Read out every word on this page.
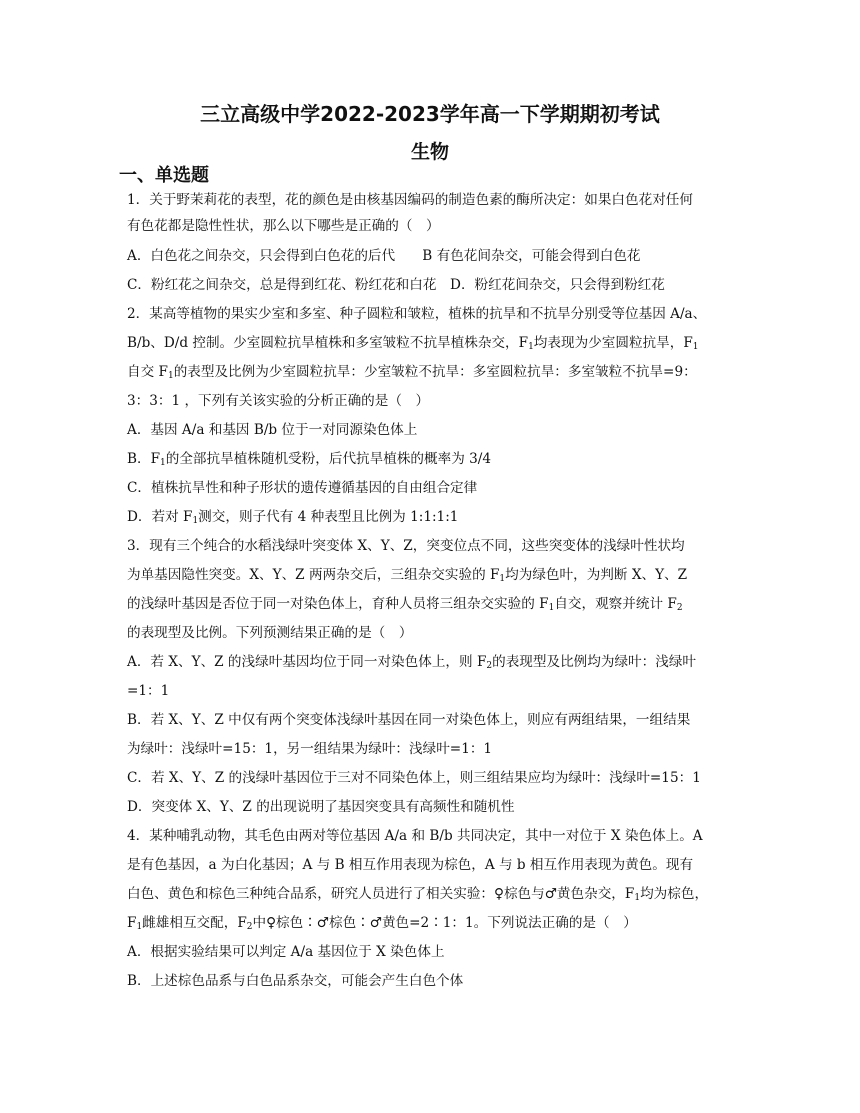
三立高级中学2022-2023学年高一下学期期初考试
生物
一、单选题
1．关于野茉莉花的表型，花的颜色是由核基因编码的制造色素的酶所决定：如果白色花对任何
有色花都是隐性性状，那么以下哪些是正确的（　）
A．白色花之间杂交，只会得到白色花的后代　　B 有色花间杂交，可能会得到白色花
C．粉红花之间杂交，总是得到红花、粉红花和白花　D．粉红花间杂交，只会得到粉红花
2．某高等植物的果实少室和多室、种子圆粒和皱粒，植株的抗旱和不抗旱分别受等位基因 A/a、
B/b、D/d 控制。少室圆粒抗旱植株和多室皱粒不抗旱植株杂交，$F_1$均表现为少室圆粒抗旱，$F_1$
自交 $F_1$的表型及比例为少室圆粒抗旱：少室皱粒不抗旱：多室圆粒抗旱：多室皱粒不抗旱=9：
3：3：1 ，下列有关该实验的分析正确的是（　）
A．基因 A/a 和基因 B/b 位于一对同源染色体上
B．$F_1$的全部抗旱植株随机受粉，后代抗旱植株的概率为 3/4
C．植株抗旱性和种子形状的遗传遵循基因的自由组合定律
D．若对 $F_1$测交，则子代有 4 种表型且比例为 1:1:1:1
3．现有三个纯合的水稻浅绿叶突变体 X、Y、Z，突变位点不同，这些突变体的浅绿叶性状均
为单基因隐性突变。X、Y、Z 两两杂交后，三组杂交实验的 $F_1$均为绿色叶，为判断 X、Y、Z
的浅绿叶基因是否位于同一对染色体上，育种人员将三组杂交实验的 $F_1$自交，观察并统计 $F_2$
的表现型及比例。下列预测结果正确的是（　）
A．若 X、Y、Z 的浅绿叶基因均位于同一对染色体上，则 $F_2$的表现型及比例均为绿叶：浅绿叶
=1：1
B．若 X、Y、Z 中仅有两个突变体浅绿叶基因在同一对染色体上，则应有两组结果，一组结果
为绿叶：浅绿叶=15：1，另一组结果为绿叶：浅绿叶=1：1
C．若 X、Y、Z 的浅绿叶基因位于三对不同染色体上，则三组结果应均为绿叶：浅绿叶=15：1
D．突变体 X、Y、Z 的出现说明了基因突变具有高频性和随机性
4．某种哺乳动物，其毛色由两对等位基因 A/a 和 B/b 共同决定，其中一对位于 X 染色体上。A
是有色基因，a 为白化基因；A 与 B 相互作用表现为棕色，A 与 b 相互作用表现为黄色。现有
白色、黄色和棕色三种纯合品系，研究人员进行了相关实验：♀棕色与♂黄色杂交，$F_1$均为棕色，
$F_1$雌雄相互交配，$F_2$中♀棕色∶♂棕色∶♂黄色=2∶1：1。下列说法正确的是（　）
A．根据实验结果可以判定 A/a 基因位于 X 染色体上
B．上述棕色品系与白色品系杂交，可能会产生白色个体
